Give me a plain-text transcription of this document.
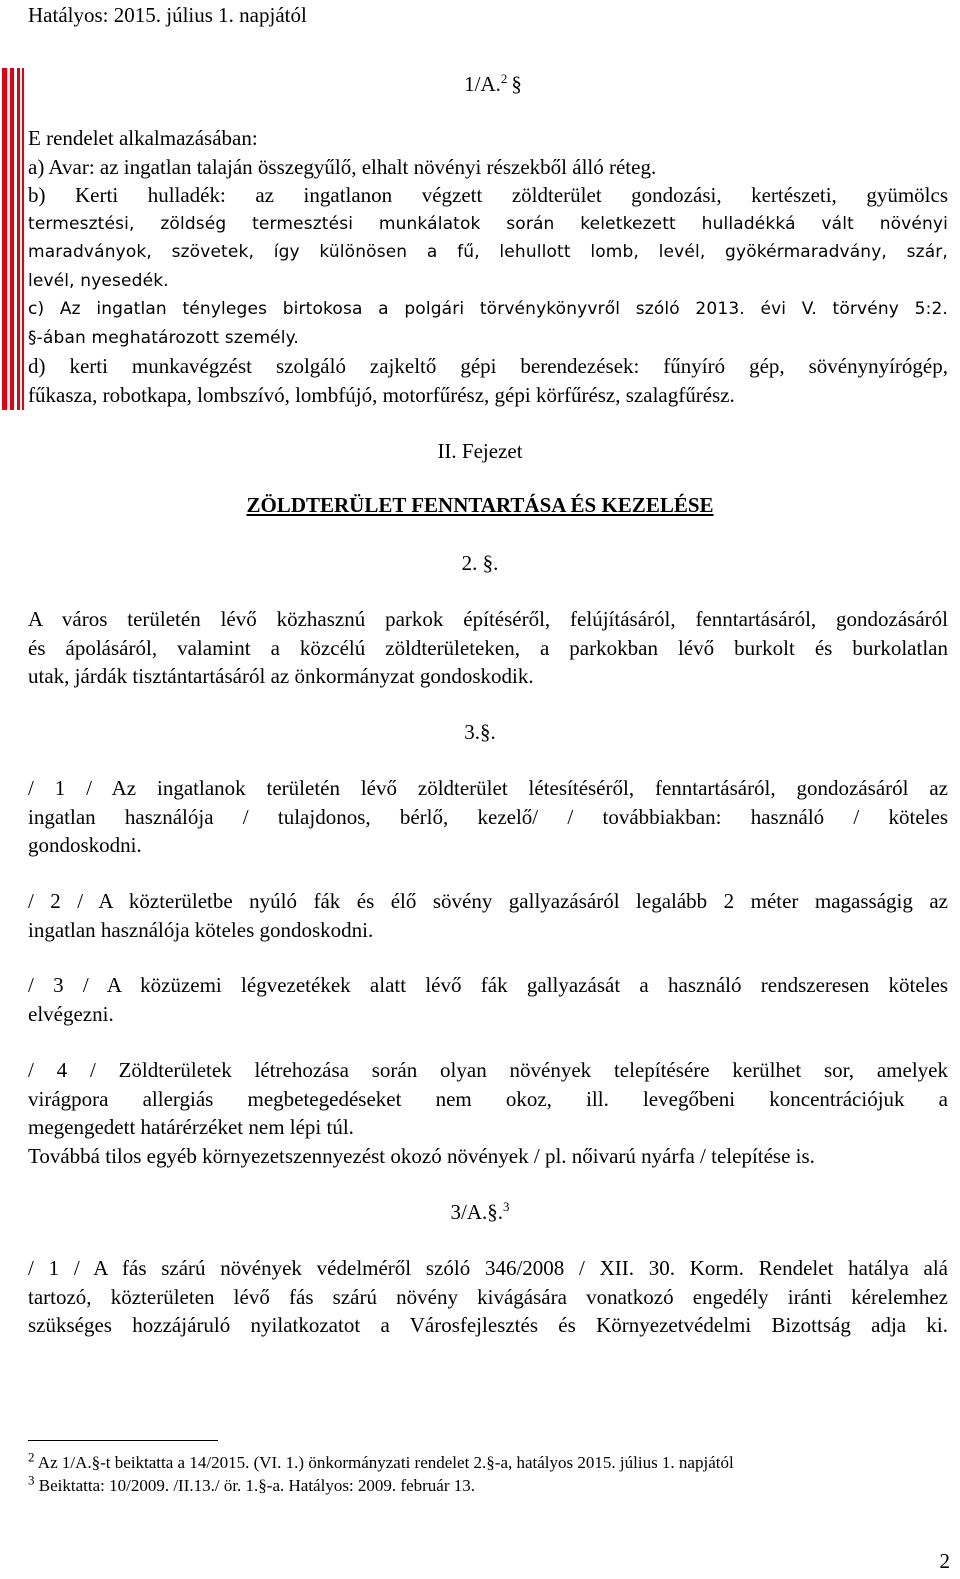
Hatályos: 2015. július 1. napjától
1/A.$^2$ §
E rendelet alkalmazásában:
a) Avar: az ingatlan talaján összegyűlő, elhalt növényi részekből álló réteg.
b) Kerti hulladék: az ingatlanon végzett zöldterület gondozási, kertészeti, gyümölcs
termesztési, zöldség termesztési munkálatok során keletkezett hulladékká vált növényi
maradványok, szövetek, így különösen a fű, lehullott lomb, levél, gyökérmaradvány, szár,
levél, nyesedék.
c) Az ingatlan tényleges birtokosa a polgári törvénykönyvről szóló 2013. évi V. törvény 5:2.
§-ában meghatározott személy.
d) kerti munkavégzést szolgáló zajkeltő gépi berendezések: fűnyíró gép, sövénynyírógép,
fűkasza, robotkapa, lombszívó, lombfújó, motorfűrész, gépi körfűrész, szalagfűrész.
II. Fejezet
ZÖLDTERÜLET FENNTARTÁSA ÉS KEZELÉSE
2. §.
A város területén lévő közhasznú parkok építéséről, felújításáról, fenntartásáról, gondozásáról
és ápolásáról, valamint a közcélú zöldterületeken, a parkokban lévő burkolt és burkolatlan
utak, járdák tisztántartásáról az önkormányzat gondoskodik.
3.§.
/ 1 / Az ingatlanok területén lévő zöldterület létesítéséről, fenntartásáról, gondozásáról az
ingatlan használója / tulajdonos, bérlő, kezelő/ / továbbiakban: használó / köteles
gondoskodni.
/ 2 / A közterületbe nyúló fák és élő sövény gallyazásáról legalább 2 méter magasságig az
ingatlan használója köteles gondoskodni.
/ 3 / A közüzemi légvezetékek alatt lévő fák gallyazását a használó rendszeresen köteles
elvégezni.
/ 4 / Zöldterületek létrehozása során olyan növények telepítésére kerülhet sor, amelyek
virágpora allergiás megbetegedéseket nem okoz, ill. levegőbeni koncentrációjuk a
megengedett határérzéket nem lépi túl.
Továbbá tilos egyéb környezetszennyezést okozó növények / pl. nőivarú nyárfa / telepítése is.
3/A.§.$^3$
/ 1 / A fás szárú növények védelméről szóló 346/2008 / XII. 30. Korm. Rendelet hatálya alá
tartozó, közterületen lévő fás szárú növény kivágására vonatkozó engedély iránti kérelemhez
szükséges hozzájáruló nyilatkozatot a Városfejlesztés és Környezetvédelmi Bizottság adja ki.
$^2$ Az 1/A.§-t beiktatta a 14/2015. (VI. 1.) önkormányzati rendelet 2.§-a, hatályos 2015. július 1. napjától
$^3$ Beiktatta: 10/2009. /II.13./ ör. 1.§-a. Hatályos: 2009. február 13.
2
